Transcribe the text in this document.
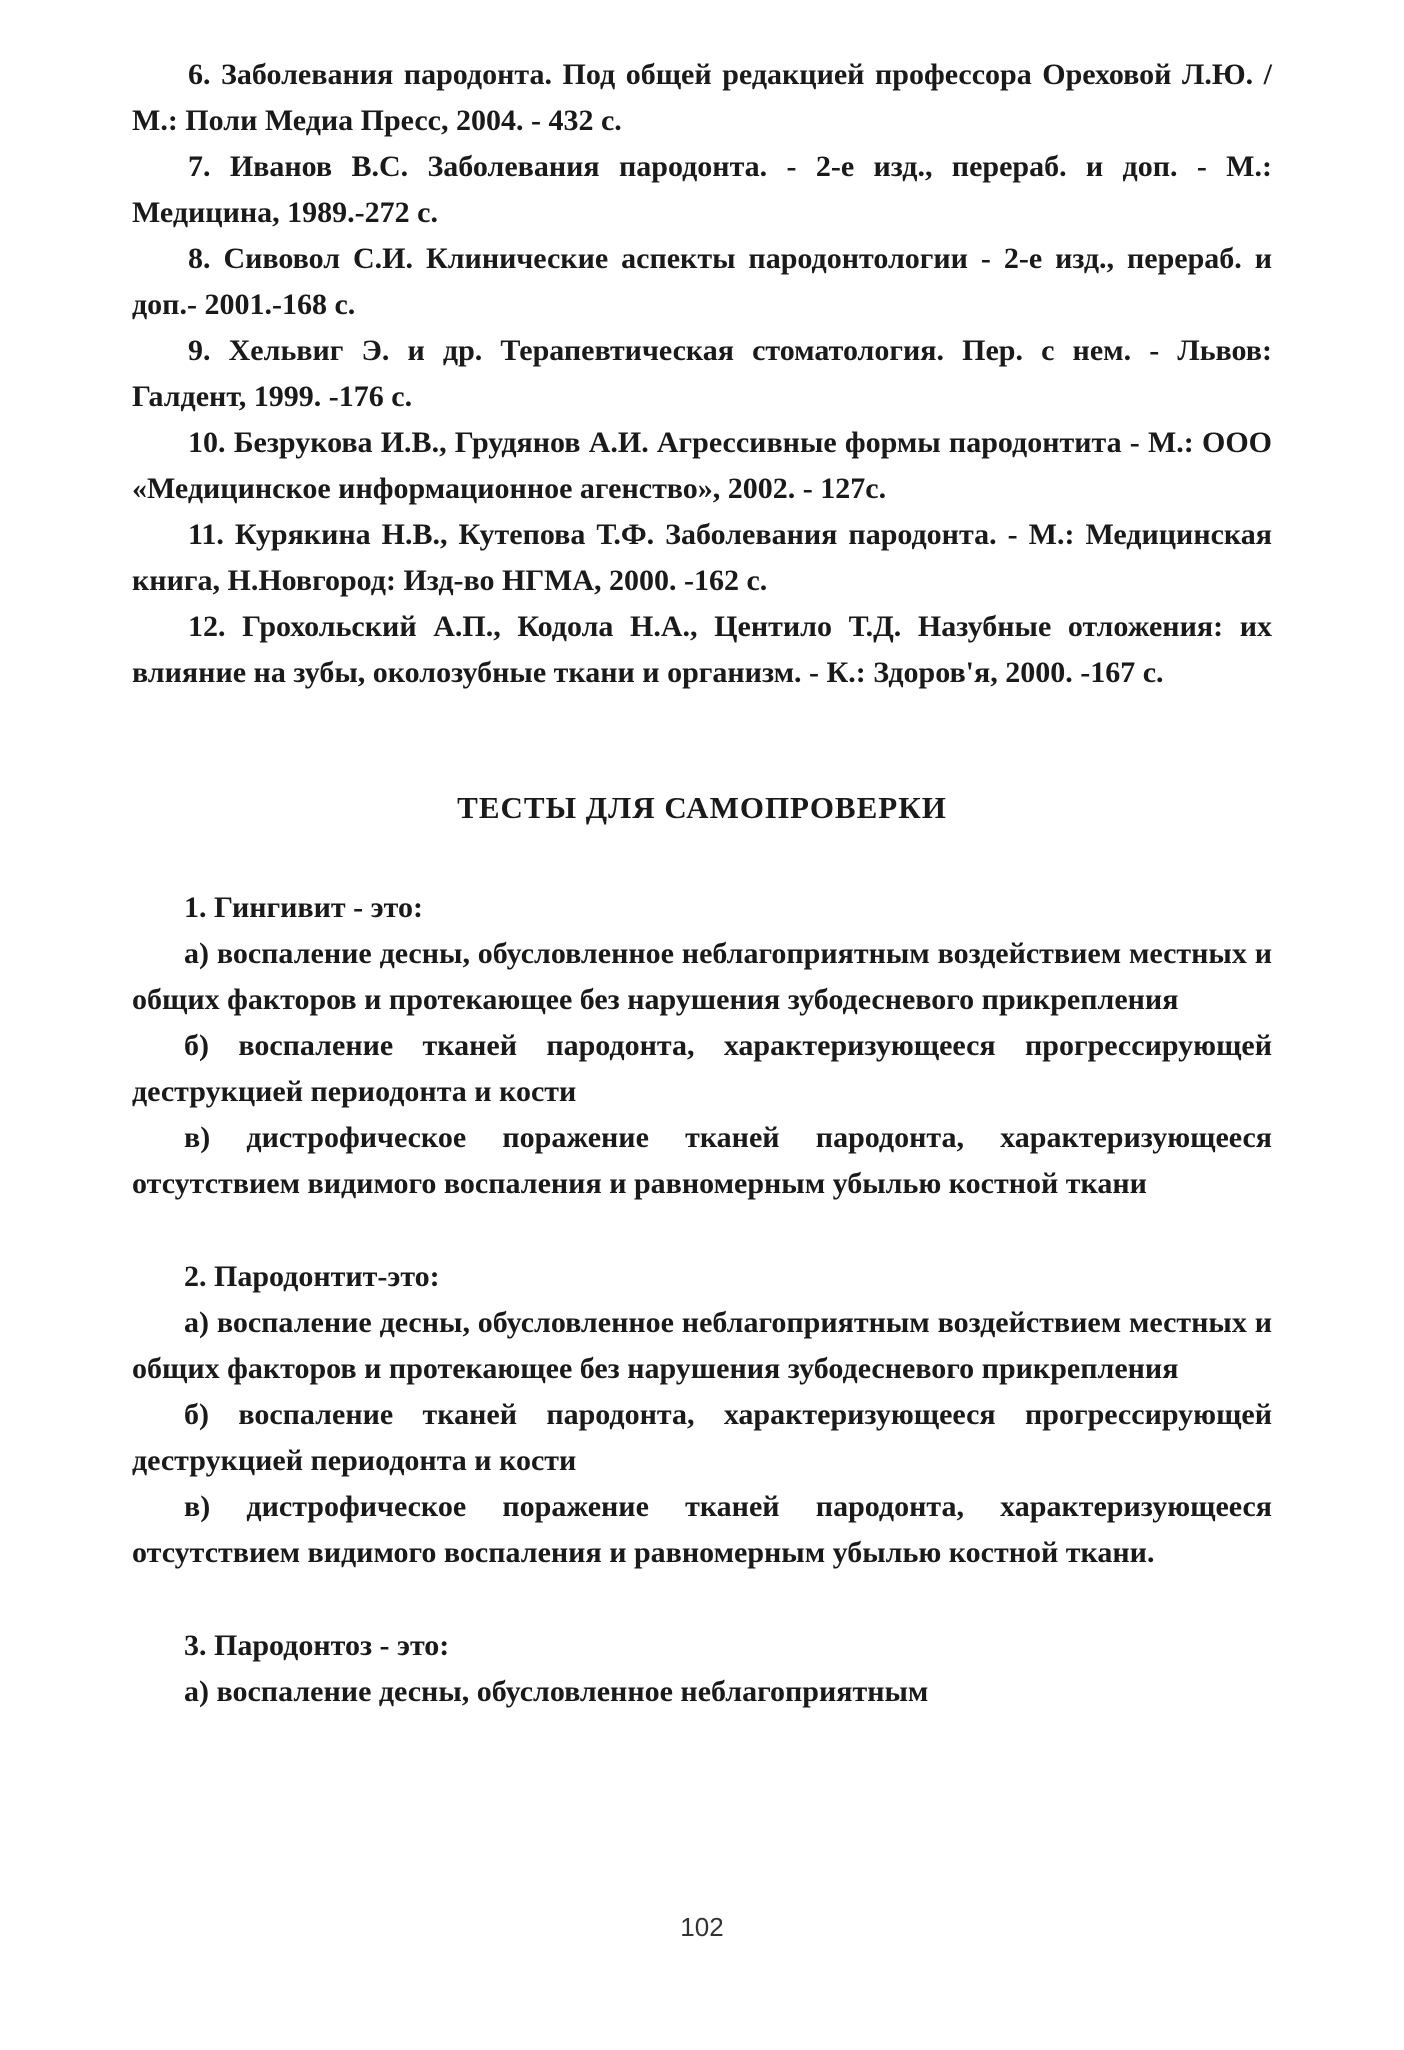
6. Заболевания пародонта. Под общей редакцией профессора Ореховой Л.Ю. / М.: Поли Медиа Пресс, 2004. - 432 с.

7. Иванов В.С. Заболевания пародонта. - 2-е изд., перераб. и доп. - М.: Медицина, 1989.-272 с.

8. Сивовол С.И. Клинические аспекты пародонтологии - 2-е изд., перераб. и доп.- 2001.-168 с.

9. Хельвиг Э. и др. Терапевтическая стоматология. Пер. с нем. - Львов: Галдент, 1999. -176 с.

10. Безрукова И.В., Грудянов А.И. Агрессивные формы пародонтита - М.: ООО «Медицинское информационное агенство», 2002. - 127с.

11. Курякина Н.В., Кутепова Т.Ф. Заболевания пародонта. - М.: Медицинская книга, Н.Новгород: Изд-во НГМА, 2000. -162 с.

12. Грохольский А.П., Кодола Н.А., Центило Т.Д. Назубные отложения: их влияние на зубы, околозубные ткани и организм. - К.: Здоров'я, 2000. -167 с.

ТЕСТЫ ДЛЯ САМОПРОВЕРКИ

1. Гингивит - это:

а) воспаление десны, обусловленное неблагоприятным воздействием местных и общих факторов и протекающее без нарушения зубодесневого прикрепления

б) воспаление тканей пародонта, характеризующееся прогрессирующей деструкцией периодонта и кости

в) дистрофическое поражение тканей пародонта, характеризующееся отсутствием видимого воспаления и равномерным убылью костной ткани

2. Пародонтит-это:

а) воспаление десны, обусловленное неблагоприятным воздействием местных и общих факторов и протекающее без нарушения зубодесневого прикрепления

б) воспаление тканей пародонта, характеризующееся прогрессирующей деструкцией периодонта и кости

в) дистрофическое поражение тканей пародонта, характеризующееся отсутствием видимого воспаления и равномерным убылью костной ткани.

3. Пародонтоз - это:

а) воспаление десны, обусловленное неблагоприятным

102
